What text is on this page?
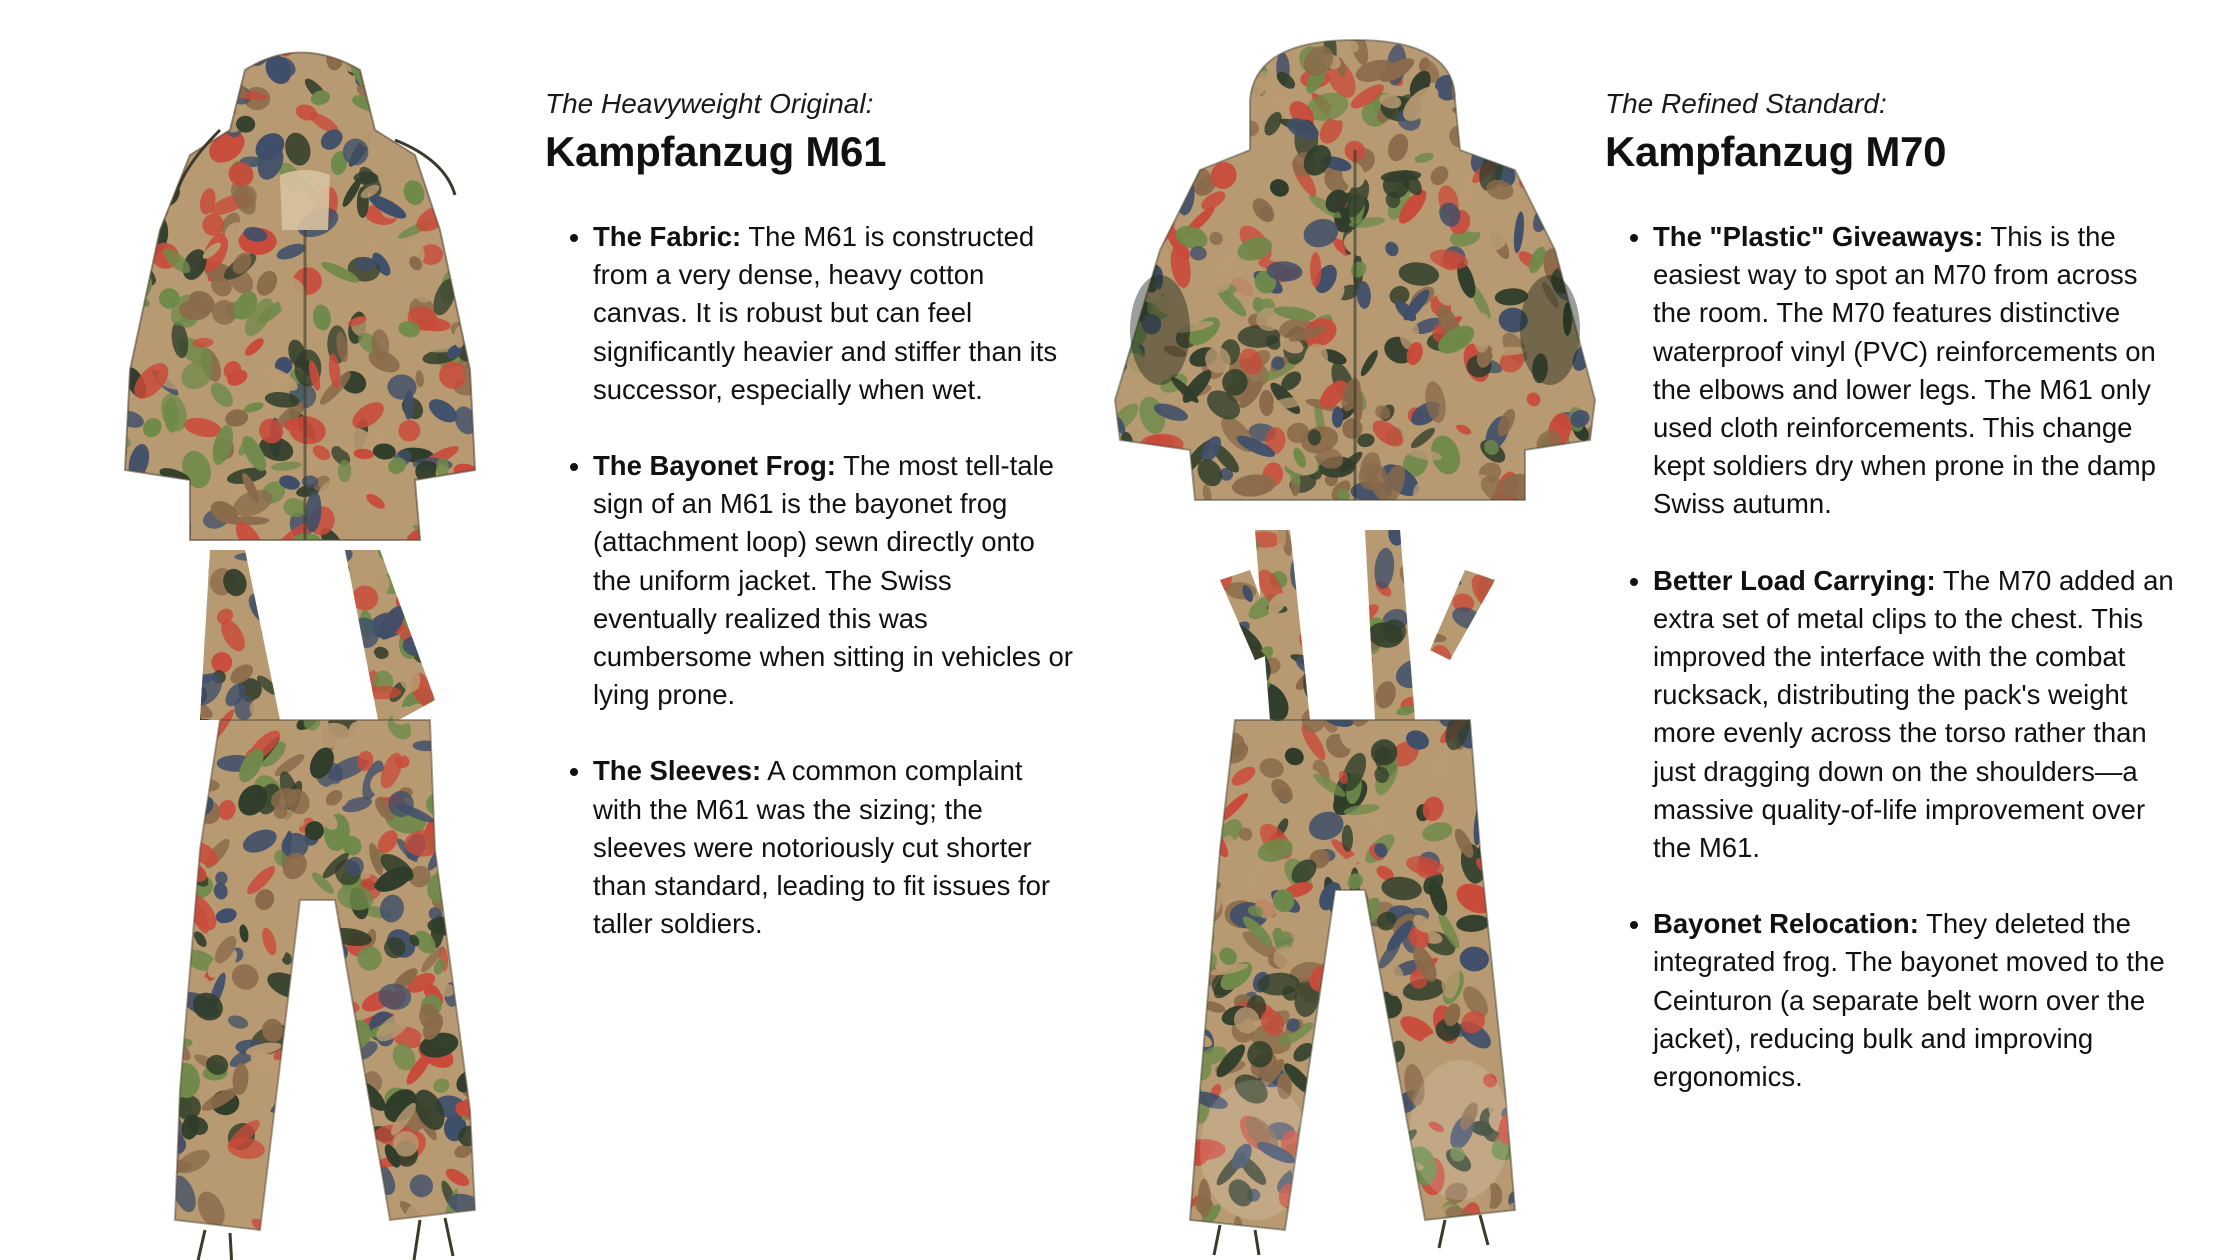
The Heavyweight Original:
Kampfanzug M61
• The Fabric: The M61 is constructed from a very dense, heavy cotton canvas. It is robust but can feel significantly heavier and stiffer than its successor, especially when wet.
• The Bayonet Frog: The most tell-tale sign of an M61 is the bayonet frog (attachment loop) sewn directly onto the uniform jacket. The Swiss eventually realized this was cumbersome when sitting in vehicles or lying prone.
• The Sleeves: A common complaint with the M61 was the sizing; the sleeves were notoriously cut shorter than standard, leading to fit issues for taller soldiers.
The Refined Standard:
Kampfanzug M70
• The "Plastic" Giveaways: This is the easiest way to spot an M70 from across the room. The M70 features distinctive waterproof vinyl (PVC) reinforcements on the elbows and lower legs. The M61 only used cloth reinforcements. This change kept soldiers dry when prone in the damp Swiss autumn.
• Better Load Carrying: The M70 added an extra set of metal clips to the chest. This improved the interface with the combat rucksack, distributing the pack's weight more evenly across the torso rather than just dragging down on the shoulders—a massive quality-of-life improvement over the M61.
• Bayonet Relocation: They deleted the integrated frog. The bayonet moved to the Ceinturon (a separate belt worn over the jacket), reducing bulk and improving ergonomics.
